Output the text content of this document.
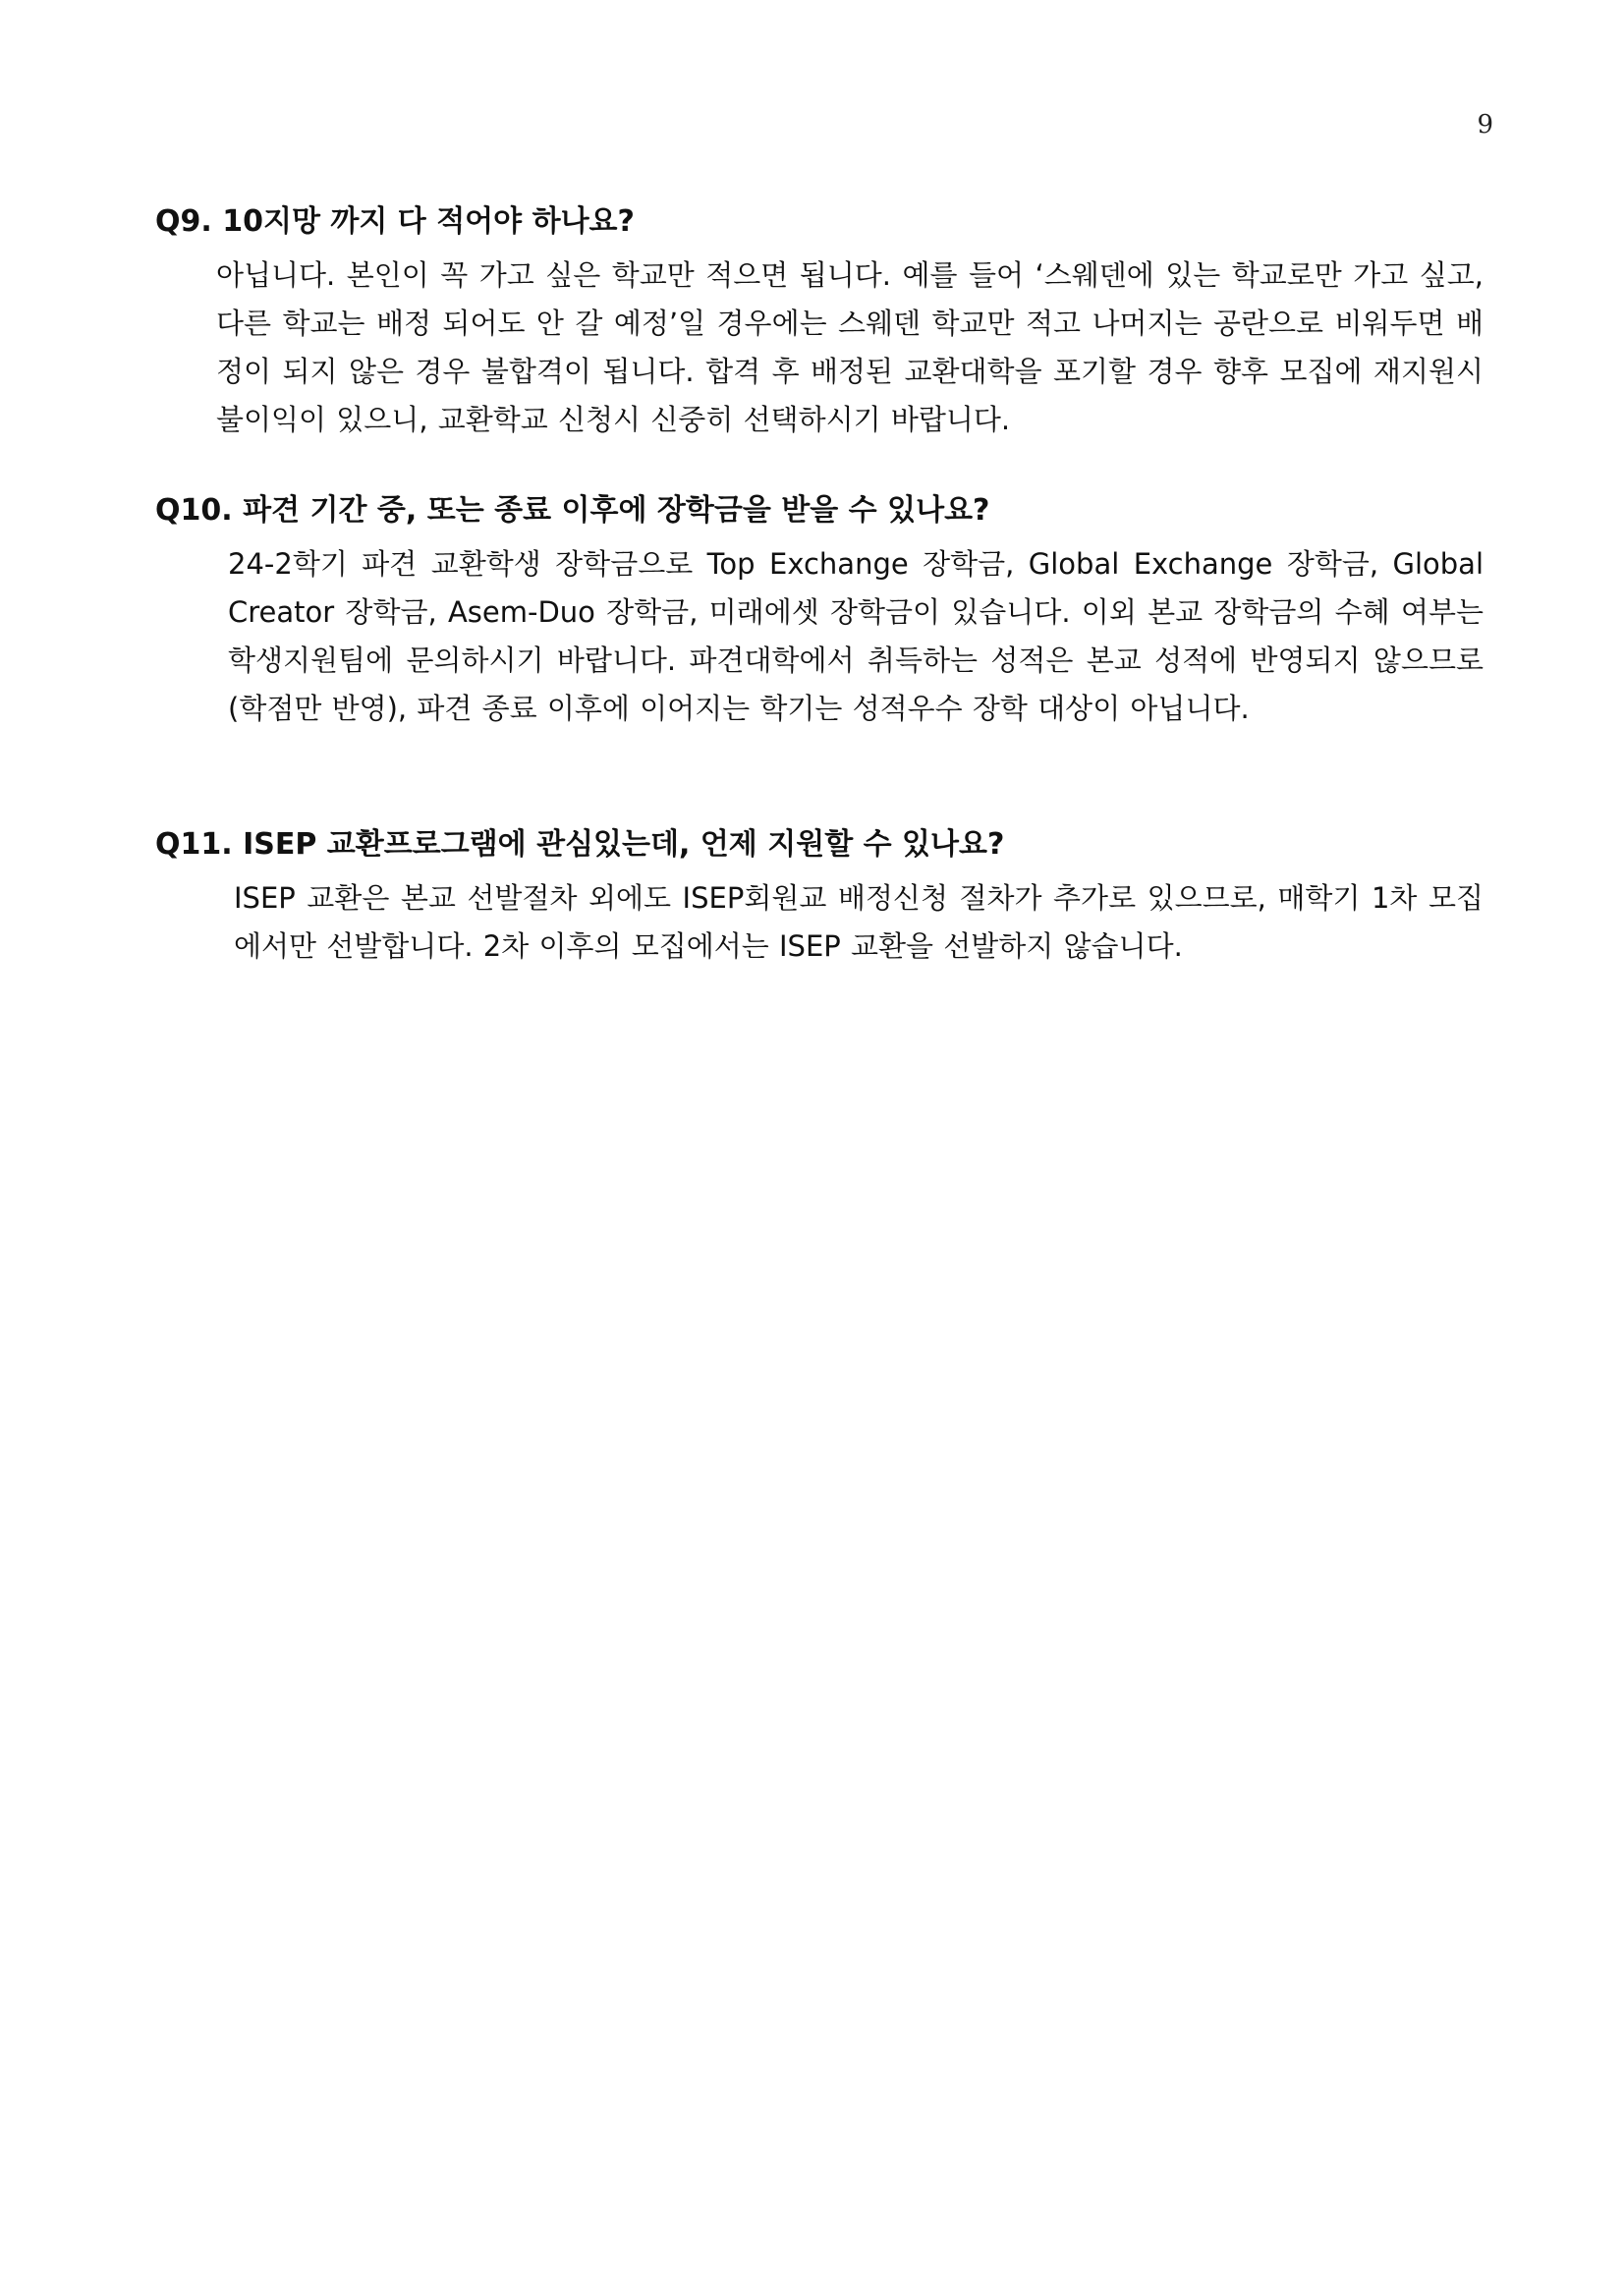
9

Q9. 10지망 까지 다 적어야 하나요?

아닙니다. 본인이 꼭 가고 싶은 학교만 적으면 됩니다. 예를 들어 ‘스웨덴에 있는 학교로만 가고 싶고, 다른 학교는 배정 되어도 안 갈 예정’일 경우에는 스웨덴 학교만 적고 나머지는 공란으로 비워두면 배정이 되지 않은 경우 불합격이 됩니다. 합격 후 배정된 교환대학을 포기할 경우 향후 모집에 재지원시 불이익이 있으니, 교환학교 신청시 신중히 선택하시기 바랍니다.

Q10. 파견 기간 중, 또는 종료 이후에 장학금을 받을 수 있나요?

24-2학기 파견 교환학생 장학금으로 Top Exchange 장학금, Global Exchange 장학금, Global Creator 장학금, Asem-Duo 장학금, 미래에셋 장학금이 있습니다. 이외 본교 장학금의 수혜 여부는 학생지원팀에 문의하시기 바랍니다. 파견대학에서 취득하는 성적은 본교 성적에 반영되지 않으므로 (학점만 반영), 파견 종료 이후에 이어지는 학기는 성적우수 장학 대상이 아닙니다.

Q11. ISEP 교환프로그램에 관심있는데, 언제 지원할 수 있나요?

ISEP 교환은 본교 선발절차 외에도 ISEP회원교 배정신청 절차가 추가로 있으므로, 매학기 1차 모집에서만 선발합니다. 2차 이후의 모집에서는 ISEP 교환을 선발하지 않습니다.
